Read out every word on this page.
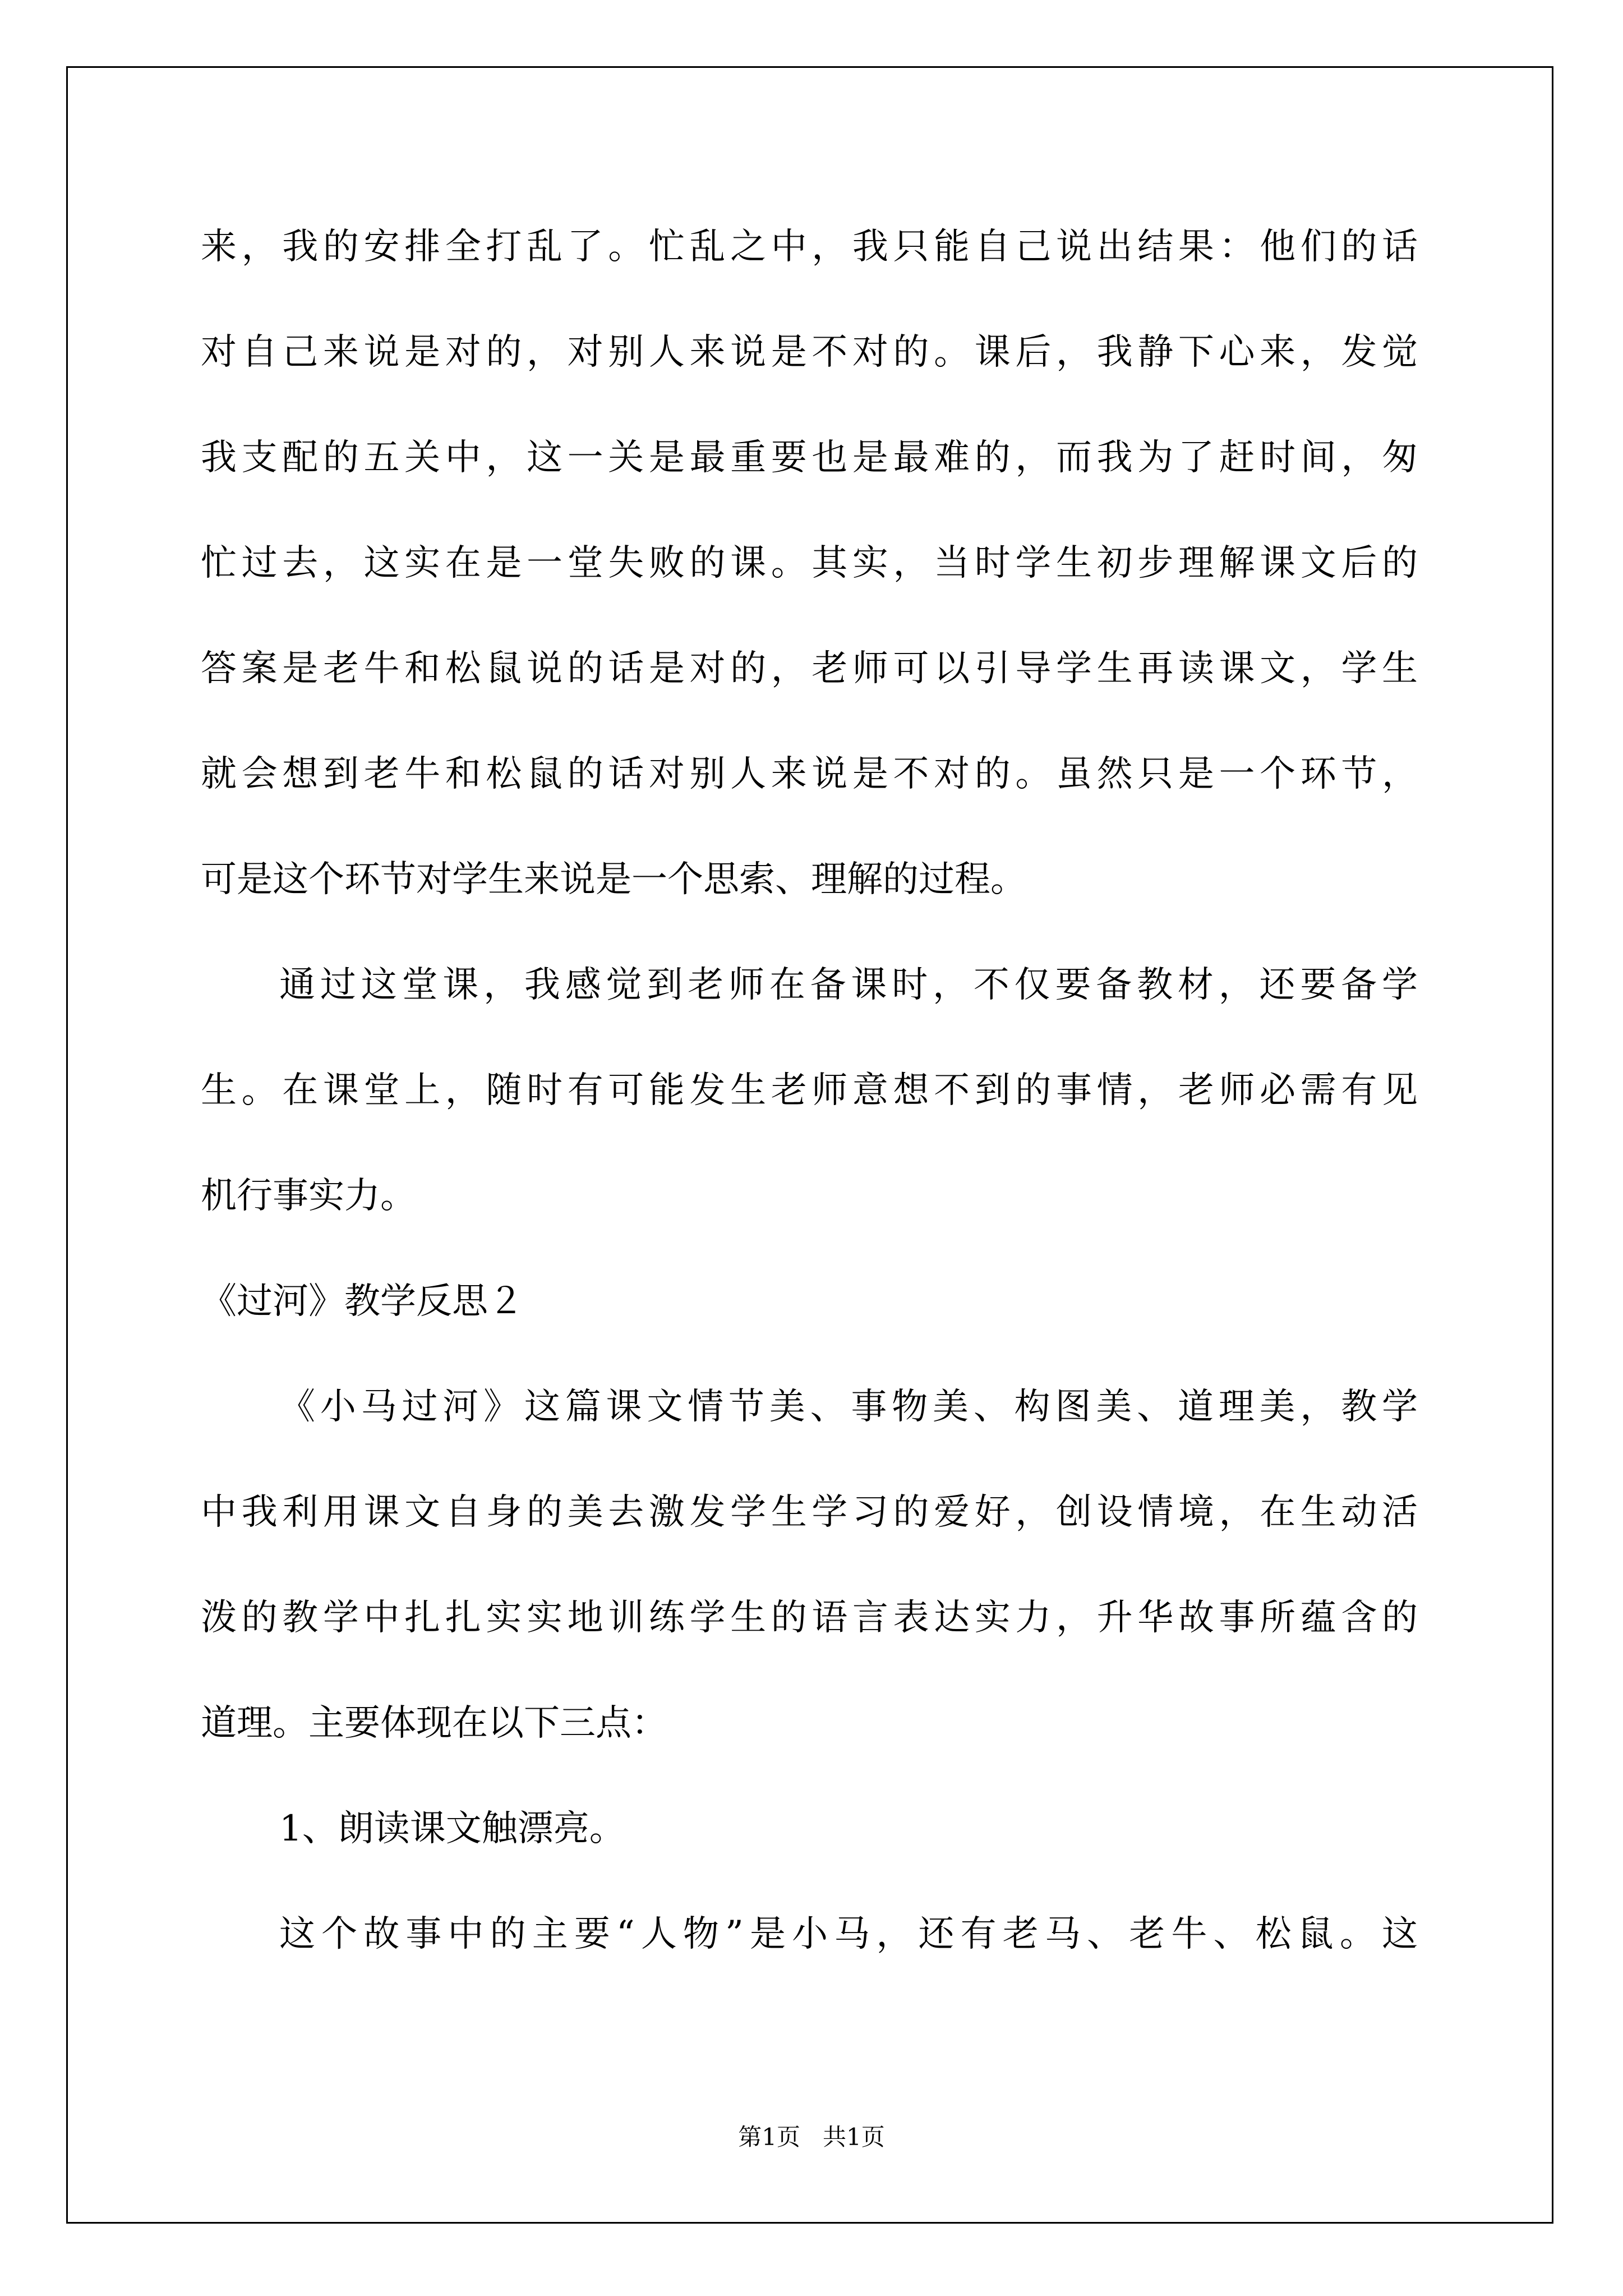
来，我的安排全打乱了。忙乱之中，我只能自己说出结果：他们的话
对自己来说是对的，对别人来说是不对的。课后，我静下心来，发觉
我支配的五关中，这一关是最重要也是最难的，而我为了赶时间，匆
忙过去，这实在是一堂失败的课。其实，当时学生初步理解课文后的
答案是老牛和松鼠说的话是对的，老师可以引导学生再读课文，学生
就会想到老牛和松鼠的话对别人来说是不对的。虽然只是一个环节，
可是这个环节对学生来说是一个思索、理解的过程。
通过这堂课，我感觉到老师在备课时，不仅要备教材，还要备学
生。在课堂上，随时有可能发生老师意想不到的事情，老师必需有见
机行事实力。
《过河》教学反思２
《小马过河》这篇课文情节美、事物美、构图美、道理美，教学
中我利用课文自身的美去激发学生学习的爱好，创设情境，在生动活
泼的教学中扎扎实实地训练学生的语言表达实力，升华故事所蕴含的
道理。主要体现在以下三点：
1、朗读课文触漂亮。
这个故事中的主要“人物”是小马，还有老马、老牛、松鼠。这
第1页   共1页
